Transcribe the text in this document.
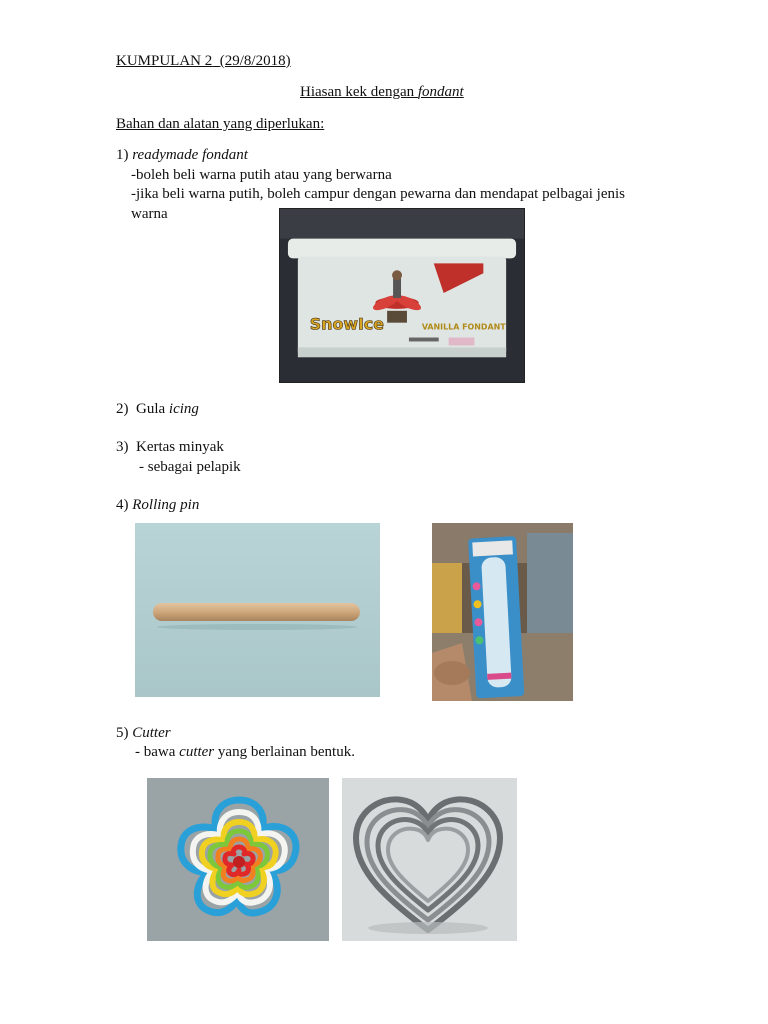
KUMPULAN 2 (29/8/2018)
Hiasan kek dengan fondant
Bahan dan alatan yang diperlukan:
1) readymade fondant
-boleh beli warna putih atau yang berwarna
-jika beli warna putih, boleh campur dengan pewarna dan mendapat pelbagai jenis
warna
SnowIce	VANILLA FONDANT
2) Gula icing
3) Kertas minyak
- sebagai pelapik
4) Rolling pin
5) Cutter
- bawa cutter yang berlainan bentuk.
